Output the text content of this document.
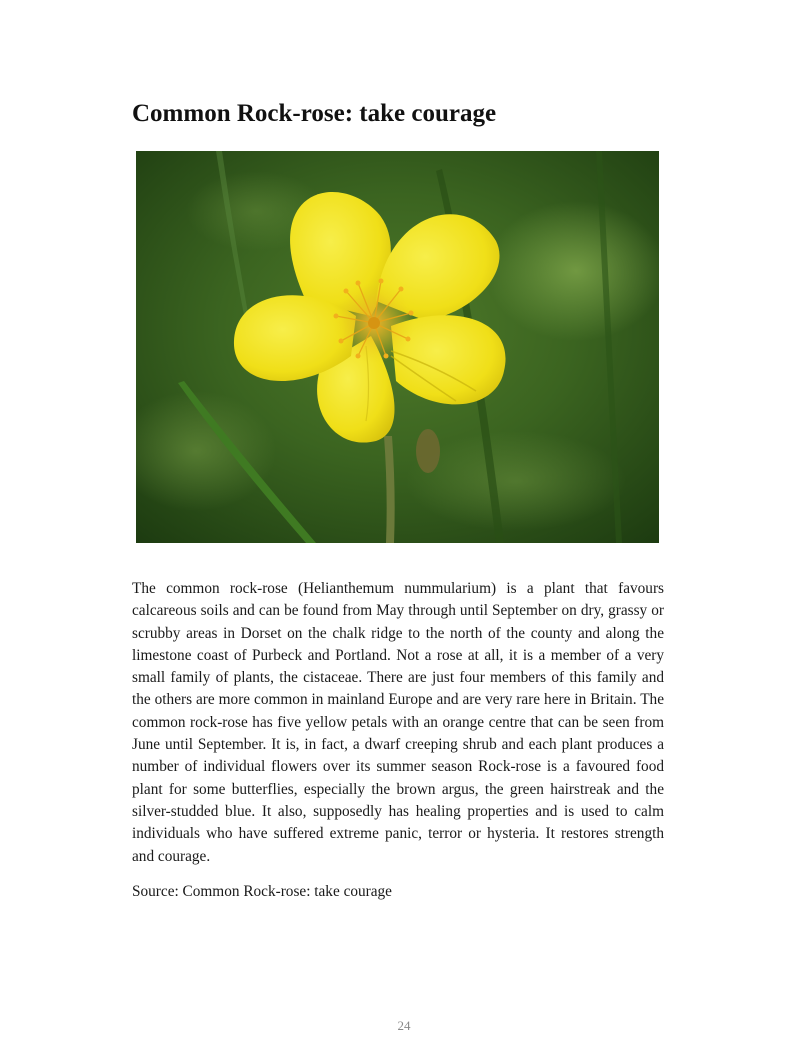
Common Rock-rose: take courage

The common rock-rose (Helianthemum nummularium) is a plant that favours calcareous soils and can be found from May through until September on dry, grassy or scrubby areas in Dorset on the chalk ridge to the north of the county and along the limestone coast of Purbeck and Portland. Not a rose at all, it is a member of a very small family of plants, the cistaceae. There are just four members of this family and the others are more common in mainland Europe and are very rare here in Britain. The common rock-rose has five yellow petals with an orange centre that can be seen from June until September. It is, in fact, a dwarf creeping shrub and each plant produces a number of individual flowers over its summer season Rock-rose is a favoured food plant for some butterflies, especially the brown argus, the green hairstreak and the silver-studded blue. It also, supposedly has healing properties and is used to calm individuals who have suffered extreme panic, terror or hysteria. It restores strength and courage.

Source: Common Rock-rose: take courage

24
